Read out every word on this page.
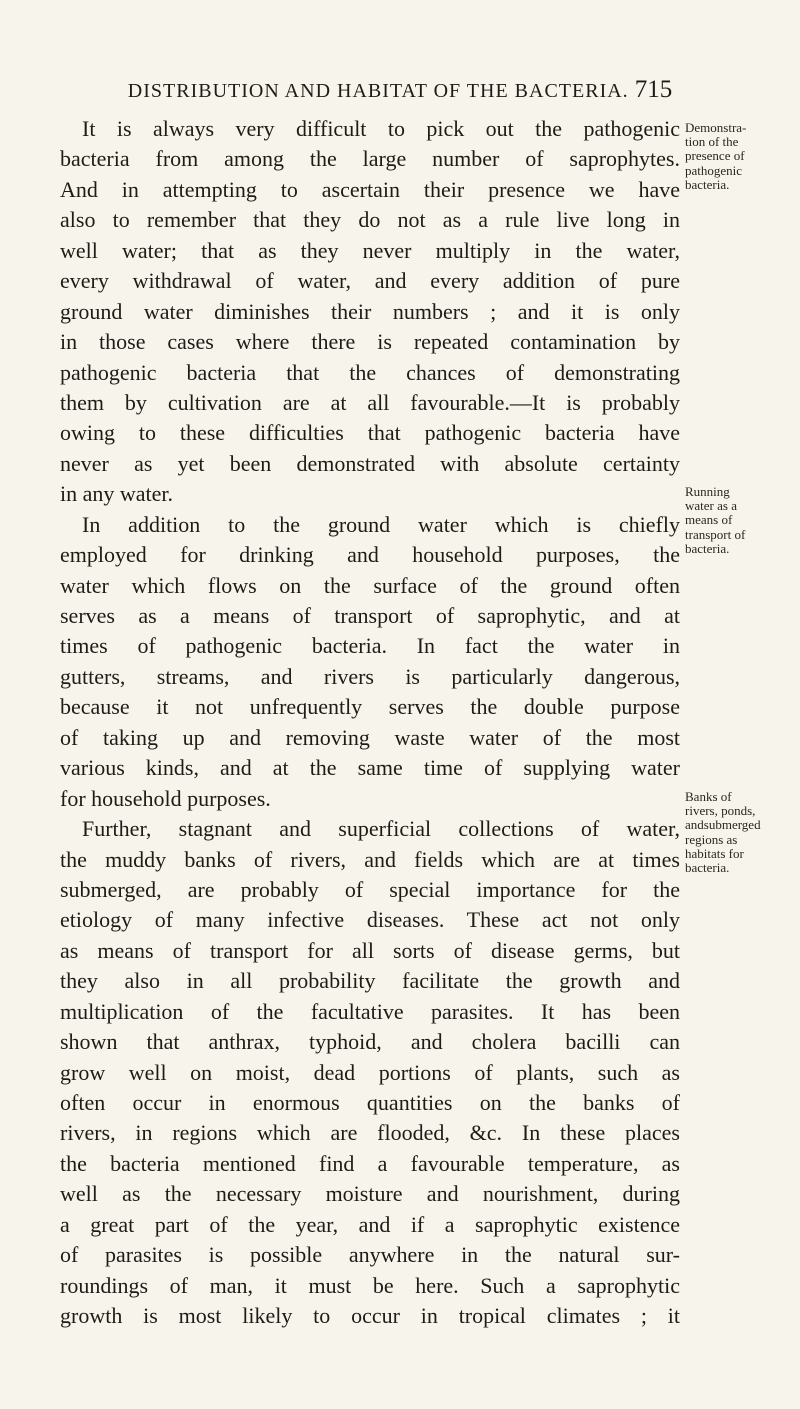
DISTRIBUTION AND HABITAT OF THE BACTERIA. 715
It is always very difficult to pick out the pathogenic
bacteria from among the large number of saprophytes.
And in attempting to ascertain their presence we have
also to remember that they do not as a rule live long in
well water; that as they never multiply in the water,
every withdrawal of water, and every addition of pure
ground water diminishes their numbers ; and it is only
in those cases where there is repeated contamination by
pathogenic bacteria that the chances of demonstrating
them by cultivation are at all favourable.—It is probably
owing to these difficulties that pathogenic bacteria have
never as yet been demonstrated with absolute certainty
in any water.
In addition to the ground water which is chiefly
employed for drinking and household purposes, the
water which flows on the surface of the ground often
serves as a means of transport of saprophytic, and at
times of pathogenic bacteria. In fact the water in
gutters, streams, and rivers is particularly dangerous,
because it not unfrequently serves the double purpose
of taking up and removing waste water of the most
various kinds, and at the same time of supplying water
for household purposes.
Further, stagnant and superficial collections of water,
the muddy banks of rivers, and fields which are at times
submerged, are probably of special importance for the
etiology of many infective diseases. These act not only
as means of transport for all sorts of disease germs, but
they also in all probability facilitate the growth and
multiplication of the facultative parasites. It has been
shown that anthrax, typhoid, and cholera bacilli can
grow well on moist, dead portions of plants, such as
often occur in enormous quantities on the banks of
rivers, in regions which are flooded, &c. In these places
the bacteria mentioned find a favourable temperature, as
well as the necessary moisture and nourishment, during
a great part of the year, and if a saprophytic existence
of parasites is possible anywhere in the natural sur-
roundings of man, it must be here. Such a saprophytic
growth is most likely to occur in tropical climates ; it
Demonstra-
tion of the
presence of
pathogenic
bacteria.
Running
water as a
means of
transport of
bacteria.
Banks of
rivers, ponds,
andsubmerged
regions as
habitats for
bacteria.
